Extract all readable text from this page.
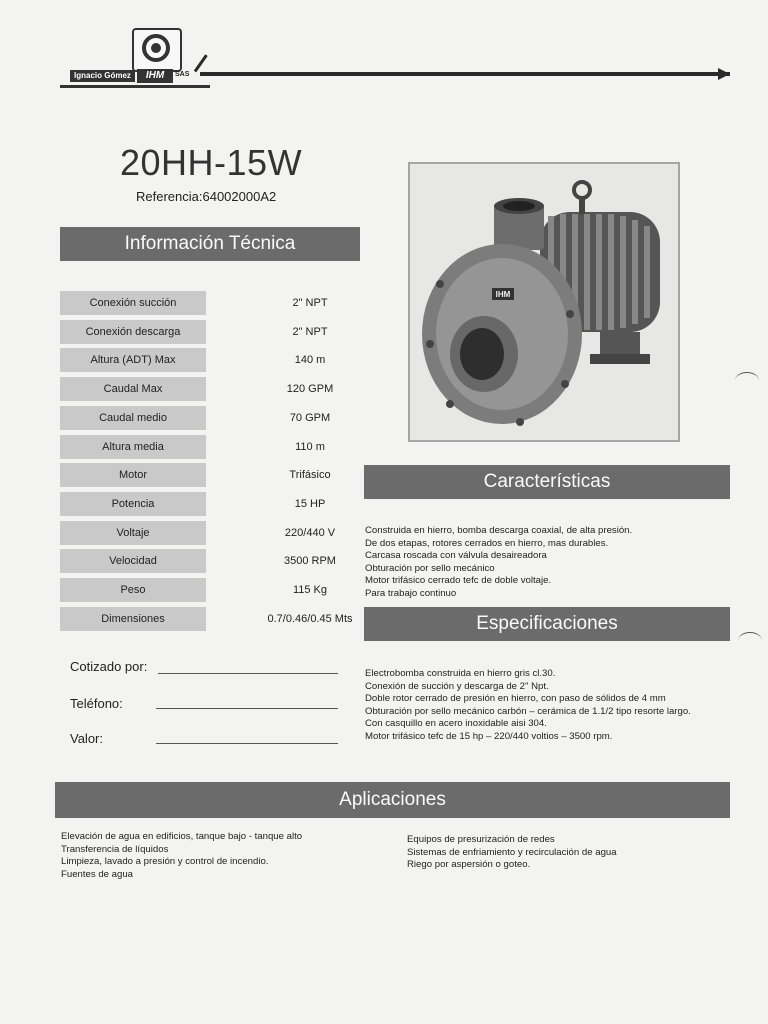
Ignacio Gómez	IHM	SAS
20HH-15W
Referencia:64002000A2
Información Técnica
Conexión succión	2" NPT
Conexión descarga	2" NPT
Altura (ADT) Max	140 m
Caudal Max	120 GPM
Caudal medio	70 GPM
Altura media	110 m
Motor	Trifásico
Potencia	15 HP
Voltaje	220/440 V
Velocidad	3500 RPM
Peso	115 Kg
Dimensiones	0.7/0.46/0.45 Mts
IHM
Características
Construida en hierro, bomba descarga coaxial, de alta presión.
De dos etapas, rotores cerrados en hierro, mas durables.
Carcasa roscada con válvula desaireadora
Obturación por sello mecánico
Motor trifásico cerrado tefc de doble voltaje.
Para trabajo continuo
Especificaciones
Electrobomba construida en hierro gris cl.30.
Conexión de succión y descarga de 2" Npt.
Doble rotor cerrado de presión en hierro, con paso de sólidos de 4 mm
Obturación por sello mecánico carbón – cerámica de 1.1/2 tipo resorte largo.
Con casquillo en acero inoxidable aisi 304.
Motor trifásico tefc de 15 hp – 220/440 voltios – 3500 rpm.
Cotizado por:
Teléfono:
Valor:
Aplicaciones
Elevación de agua en edificios, tanque bajo - tanque alto
Transferencia de líquidos
Limpieza, lavado a presión y control de incendio.
Fuentes de agua
Equipos de presurización de redes
Sistemas de enfriamiento y recirculación de agua
Riego por aspersión o goteo.
